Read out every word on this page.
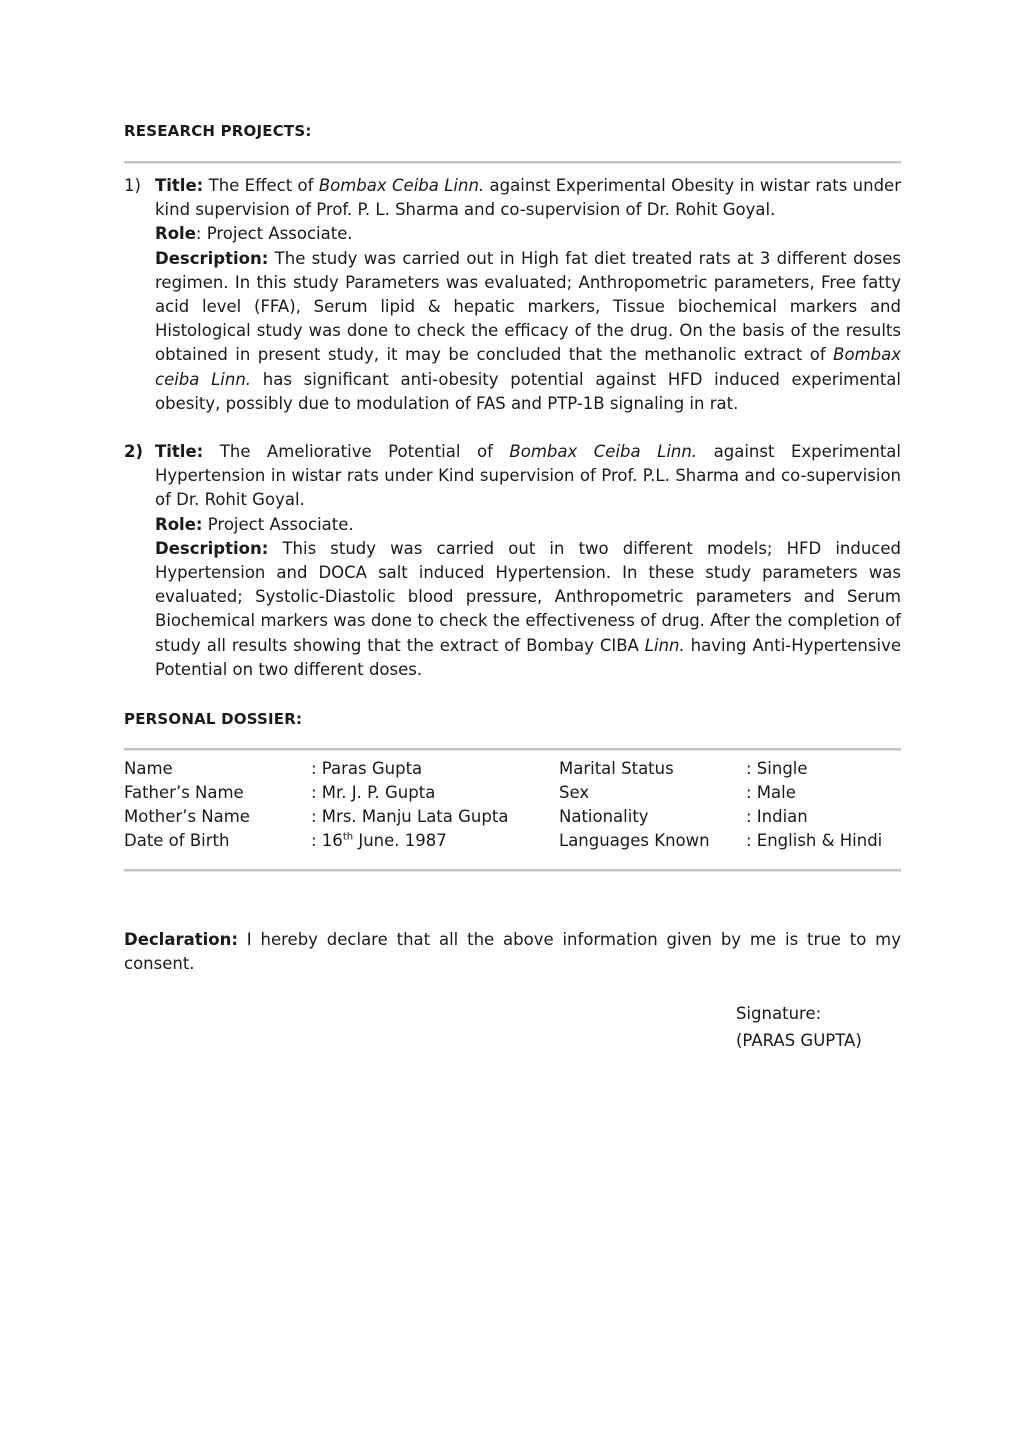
RESEARCH PROJECTS:
1) Title: The Effect of Bombax Ceiba Linn. against Experimental Obesity in wistar rats under kind supervision of Prof. P. L. Sharma and co-supervision of Dr. Rohit Goyal.

Role: Project Associate.

Description: The study was carried out in High fat diet treated rats at 3 different doses regimen. In this study Parameters was evaluated; Anthropometric parameters, Free fatty acid level (FFA), Serum lipid & hepatic markers, Tissue biochemical markers and Histological study was done to check the efficacy of the drug. On the basis of the results obtained in present study, it may be concluded that the methanolic extract of Bombax ceiba Linn. has significant anti-obesity potential against HFD induced experimental obesity, possibly due to modulation of FAS and PTP-1B signaling in rat.

2) Title: The Ameliorative Potential of Bombax Ceiba Linn. against Experimental Hypertension in wistar rats under Kind supervision of Prof. P.L. Sharma and co-supervision of Dr. Rohit Goyal.

Role: Project Associate.

Description: This study was carried out in two different models; HFD induced Hypertension and DOCA salt induced Hypertension. In these study parameters was evaluated; Systolic-Diastolic blood pressure, Anthropometric parameters and Serum Biochemical markers was done to check the effectiveness of drug. After the completion of study all results showing that the extract of Bombay CIBA Linn. having Anti-Hypertensive Potential on two different doses.

PERSONAL DOSSIER:
Name	: Paras Gupta	Marital Status	: Single
Father’s Name	: Mr. J. P. Gupta	Sex	: Male
Mother’s Name	: Mrs. Manju Lata Gupta	Nationality	: Indian
Date of Birth	: 16th June. 1987	Languages Known	: English & Hindi

Declaration: I hereby declare that all the above information given by me is true to my consent.

Signature:
(PARAS GUPTA)
